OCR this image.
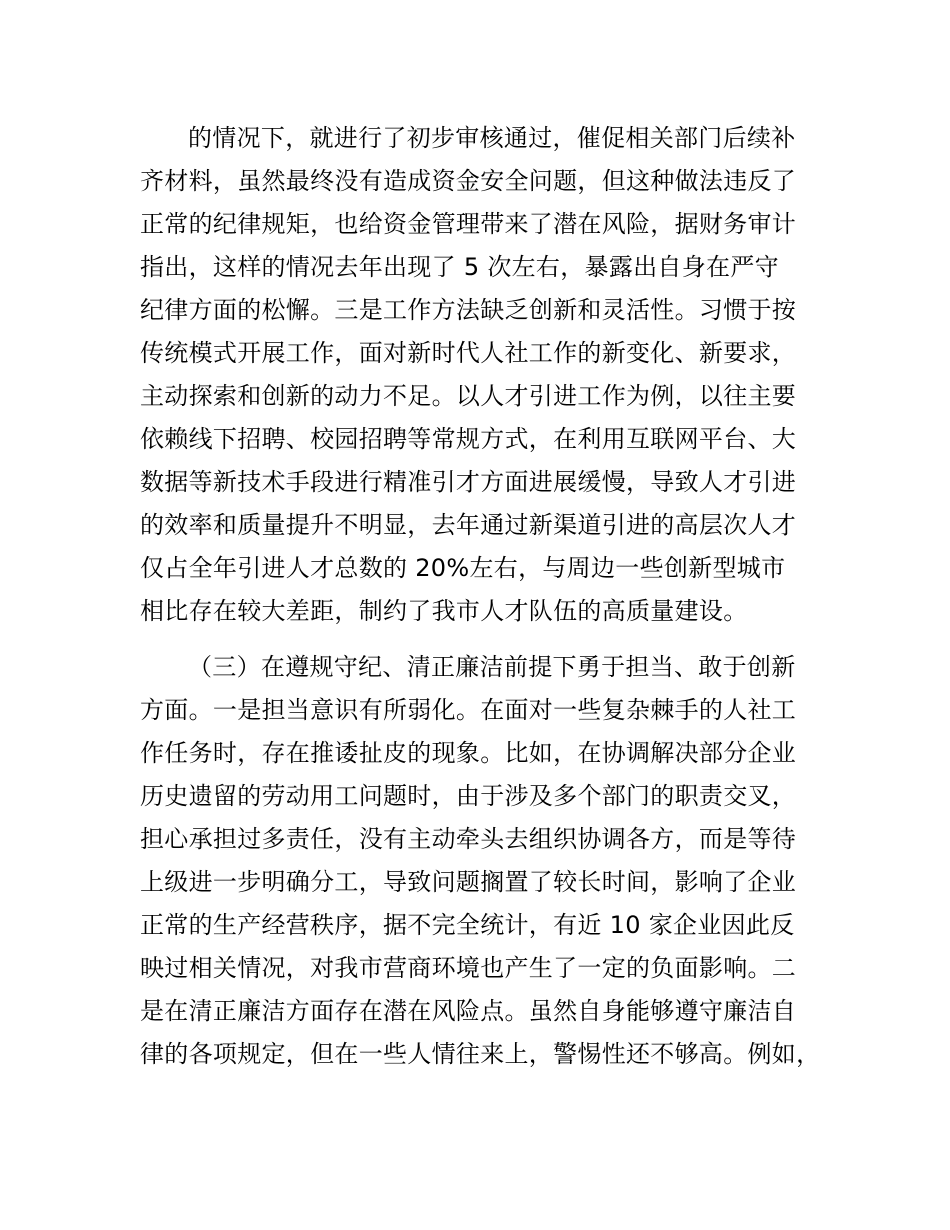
的情况下，就进行了初步审核通过，催促相关部门后续补
齐材料，虽然最终没有造成资金安全问题，但这种做法违反了
正常的纪律规矩，也给资金管理带来了潜在风险，据财务审计
指出，这样的情况去年出现了 5 次左右，暴露出自身在严守
纪律方面的松懈。三是工作方法缺乏创新和灵活性。习惯于按
传统模式开展工作，面对新时代人社工作的新变化、新要求，
主动探索和创新的动力不足。以人才引进工作为例，以往主要
依赖线下招聘、校园招聘等常规方式，在利用互联网平台、大
数据等新技术手段进行精准引才方面进展缓慢，导致人才引进
的效率和质量提升不明显，去年通过新渠道引进的高层次人才
仅占全年引进人才总数的 20%左右，与周边一些创新型城市
相比存在较大差距，制约了我市人才队伍的高质量建设。
（三）在遵规守纪、清正廉洁前提下勇于担当、敢于创新
方面。一是担当意识有所弱化。在面对一些复杂棘手的人社工
作任务时，存在推诿扯皮的现象。比如，在协调解决部分企业
历史遗留的劳动用工问题时，由于涉及多个部门的职责交叉，
担心承担过多责任，没有主动牵头去组织协调各方，而是等待
上级进一步明确分工，导致问题搁置了较长时间，影响了企业
正常的生产经营秩序，据不完全统计，有近 10 家企业因此反
映过相关情况，对我市营商环境也产生了一定的负面影响。二
是在清正廉洁方面存在潜在风险点。虽然自身能够遵守廉洁自
律的各项规定，但在一些人情往来上，警惕性还不够高。例如，
